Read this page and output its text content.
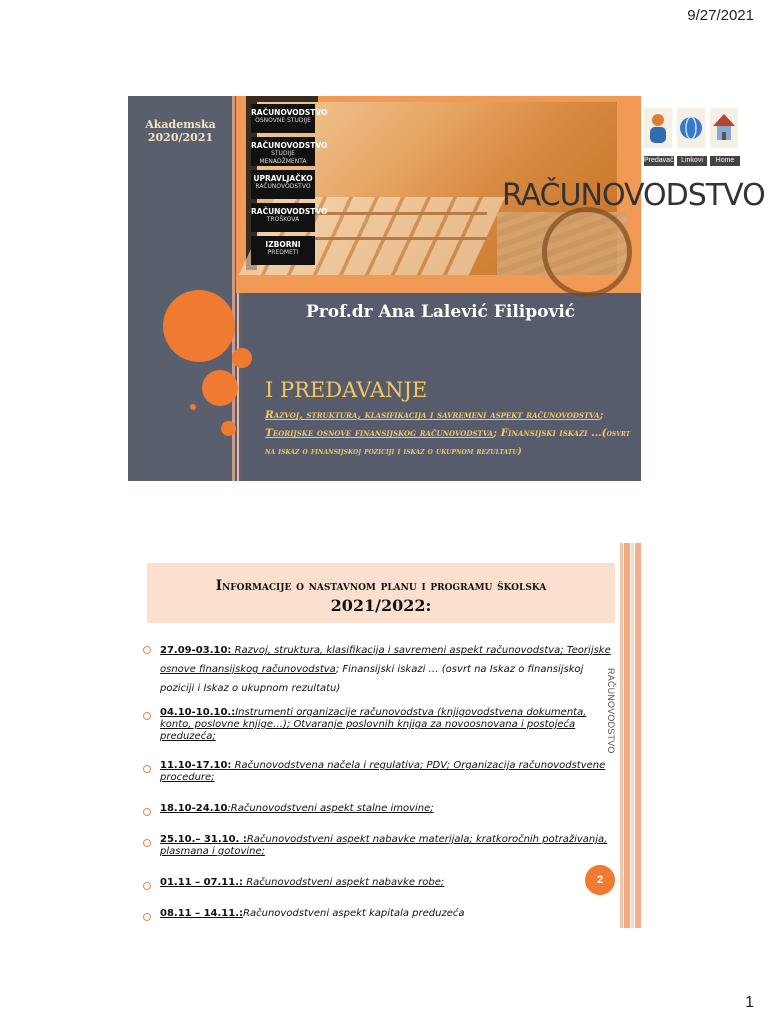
9/27/2021
Akademska
2020/2021
RAČUNOVODSTVO
Predavači Linkovi	Home
RAČUNOVODSTVO
OSNOVNE STUDIJE
RAČUNOVODSTVO
STUDIJE MENADŽMENTA
UPRAVLJAČKO
RAČUNOVODSTVO
RAČUNOVODSTVO
TROŠKOVA
IZBORNI
PREDMETI
Prof.dr Ana Lalević Filipović
I PREDAVANJE
Razvoj, struktura, klasifikacija i savremeni aspekt računovodstva; Teorijske osnove finansijskog računovodstva; Finansijski iskazi …(osvrt na iskaz o finansijskoj poziciji i iskaz o ukupnom rezultatu)
Informacije o nastavnom planu i programu školska
2021/2022:
RAČUNOVODSTVO
27.09-03.10: Razvoj, struktura, klasifikacija i savremeni aspekt računovodstva; Teorijske osnove finansijskog računovodstva; Finansijski iskazi … (osvrt na Iskaz o finansijskoj poziciji i Iskaz o ukupnom rezultatu)
04.10-10.10.:Instrumenti organizacije računovodstva (knjigovodstvena dokumenta, konto, poslovne knjige…); Otvaranje poslovnih knjiga za novoosnovana i postojeća preduzeća;
11.10-17.10: Računovodstvena načela i regulativa; PDV; Organizacija računovodstvene procedure;
18.10-24.10:Računovodstveni aspekt stalne imovine;
25.10.– 31.10. :Računovodstveni aspekt nabavke materijala; kratkoročnih potraživanja, plasmana i gotovine;
01.11 – 07.11.: Računovodstveni aspekt nabavke robe;
08.11 – 14.11.:Računovodstveni aspekt kapitala preduzeća
2
1
